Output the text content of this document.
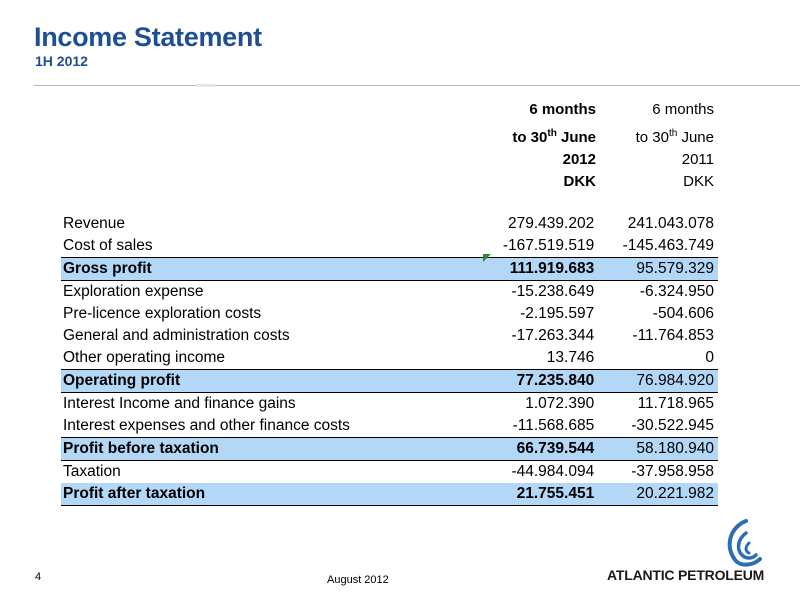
Income Statement
1H 2012
6 months
to 30th June
2012
DKK
6 months
to 30th June
2011
DKK
Revenue	279.439.202	241.043.078
Cost of sales	-167.519.519	-145.463.749
Gross profit	111.919.683	95.579.329
Exploration expense	-15.238.649	-6.324.950
Pre-licence exploration costs	-2.195.597	-504.606
General and administration costs	-17.263.344	-11.764.853
Other operating income	13.746	0
Operating profit	77.235.840	76.984.920
Interest Income and finance gains	1.072.390	11.718.965
Interest expenses and other finance costs	-11.568.685	-30.522.945
Profit before taxation	66.739.544	58.180.940
Taxation	-44.984.094	-37.958.958
Profit after taxation	21.755.451	20.221.982
4	August 2012	ATLANTIC PETROLEUM
